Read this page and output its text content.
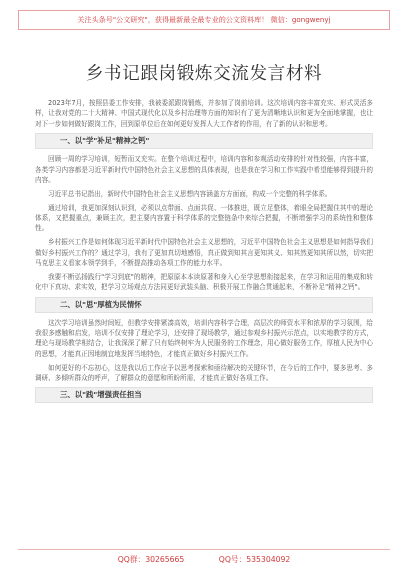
关注头条号"公文研究"，获得最新最全最专业的公文资料库！ 微信：gongwenyj
乡书记跟岗锻炼交流发言材料

2023年7月，按照县委工作安排，我被委派跟岗锻炼，并参加了岗前培训。这次培训内容丰富充实、形式灵活多样，让我对党的二十大精神、中国式现代化以及乡村治理等方面的知识有了更为清晰地认识和更为全面地掌握，也让对下一步如何做好跟岗工作，回到原单位后在如何更好发挥人大工作者的作用，有了新的认识和思考。

一、以"学"补足"精神之钙"

回顾一周的学习培训，短暂而又充实。在整个培训过程中，培训内容和参观活动安排的针对性较强，内容丰富，各类学习内容都是习近平新时代中国特色社会主义思想的具体表现，也是我在学习和工作实践中希望能够得到提升的内容。

习近平总书记指出，新时代中国特色社会主义思想内容涵盖方方面面，构成一个完整的科学体系。

通过培训，我更加深刻认识到，必须以点带面、点面共促、一体推进，既立足整体，着眼全局把握住其中的理论体系，又把握重点，兼顾主次，把主要内容置于科学体系的完整链条中来综合把握，不断增强学习的系统性和整体性。

乡村振兴工作是如何体现习近平新时代中国特色社会主义思想的，习近平中国特色社会主义思想是如何指导我们做好乡村振兴工作的？通过学习，我有了更加真切地感悟，真正做到知其言更知其义、知其然更知其所以然，切实把马克思主义看家本领学到手，不断提高推动各项工作的能力水平。

我要不断弘扬践行"学习到底"的精神，把原原本本读原著和身入心至学思想衔接起来，在学习和运用的集成和转化中下真功、求实效，把学习立场观点方法同更好武装头脑、积极开展工作融合贯通起来，不断补足"精神之钙"。

二、以"思"厚植为民情怀

这次学习培训虽然时间短，但教学安排紧凑高效，培训内容科学合理，高层次的师资水平和浓厚的学习氛围，给我很多感触和启发，培训不仅安排了理论学习，还安排了现场教学，通过参观乡村振兴示范点，以实地教学的方式，理论与现场教学相结合，让我深深了解了只有始终树牢为人民服务的工作理念，用心做好服务工作，厚植人民为中心的思想，才能真正因地制宜地发挥当地特色，才能真正做好乡村振兴工作。

如何更好的不忘初心，这是我以后工作应予以思考探索和亟待解决的关键环节，在今后的工作中，要多思考、多调研、多倾听群众的呼声，了解群众的意愿和所盼所需，才能真正做好各项工作。

三、以"践"增强责任担当
QQ群：30265665	QQ号：535304092
